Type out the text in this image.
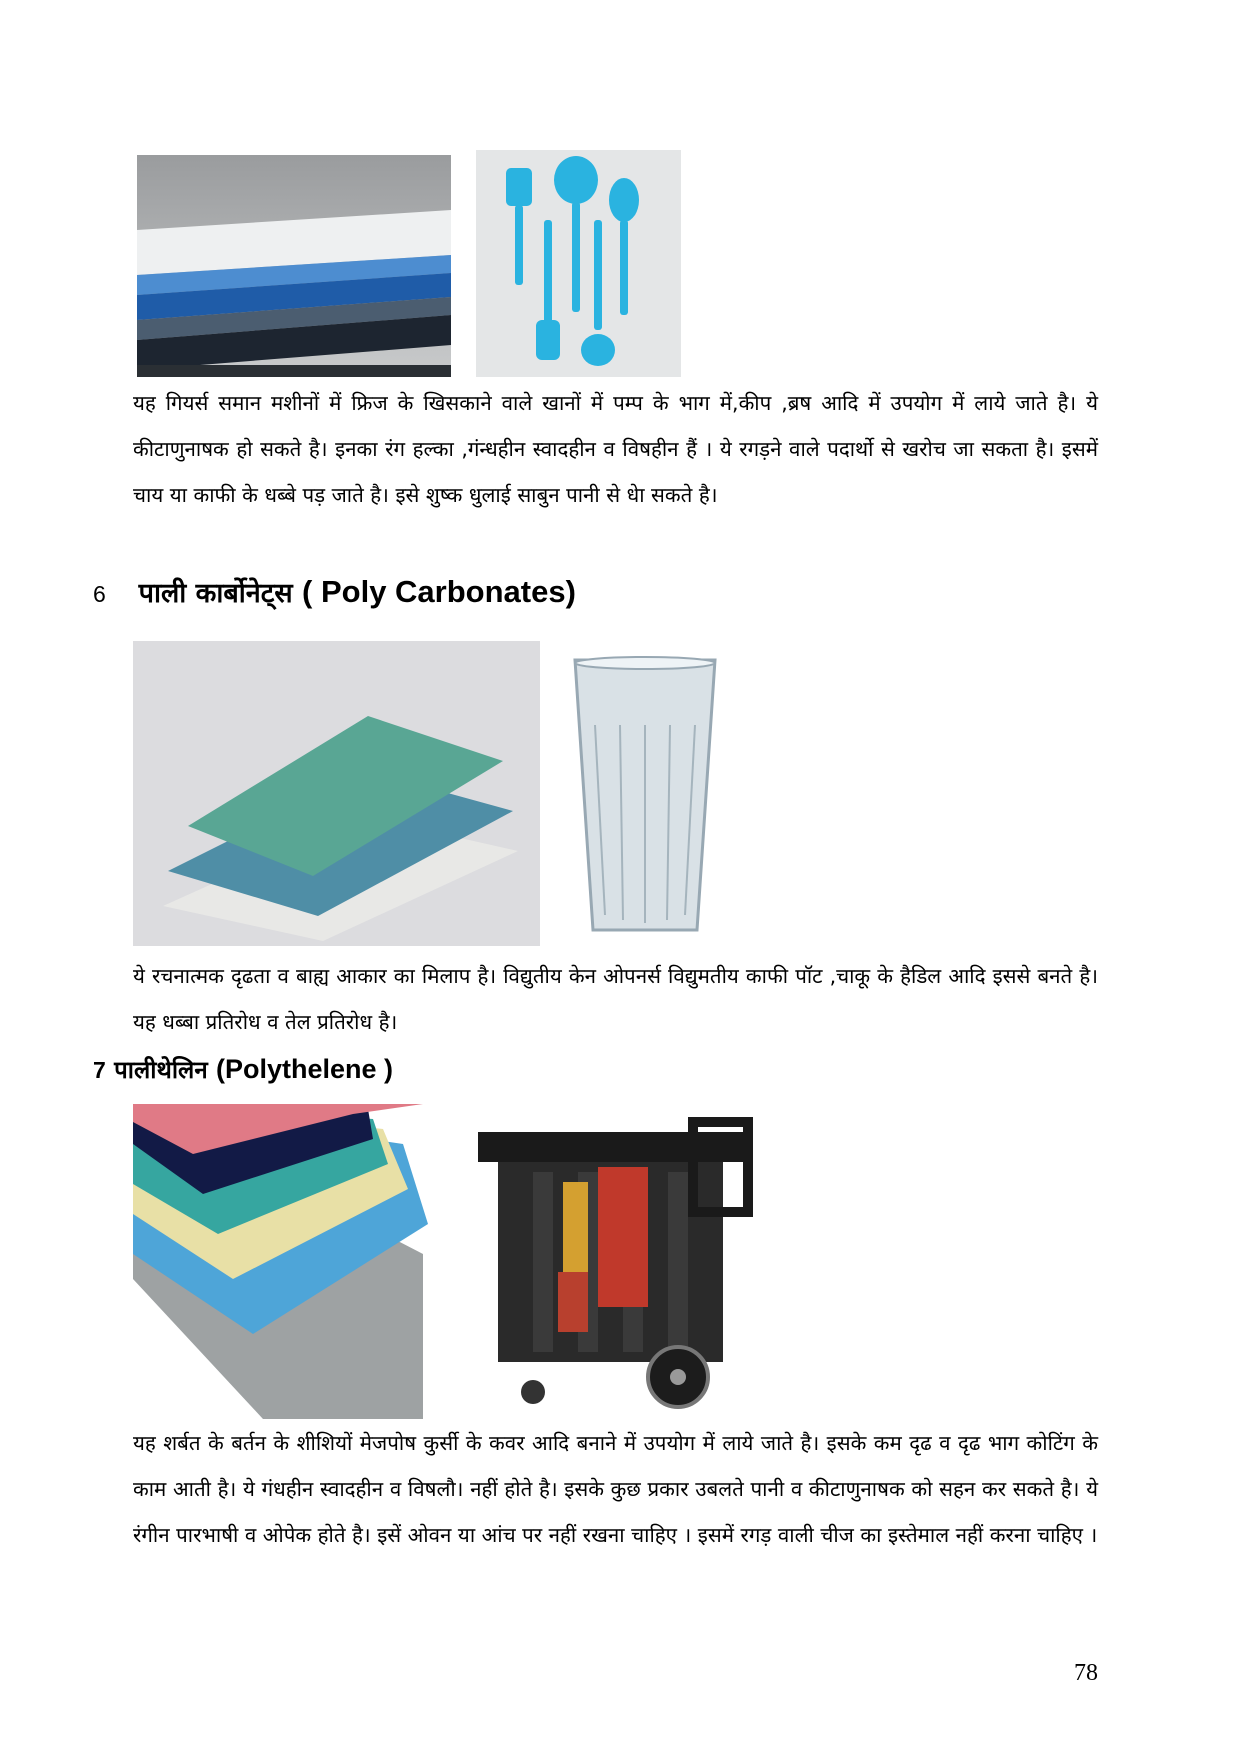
यह गियर्स समान मशीनों में फ्रिज के खिसकाने वाले खानों में पम्प के भाग में,कीप ,ब्रष आदि में उपयोग में लाये जाते है। ये कीटाणुनाषक हो सकते है। इनका रंग हल्का ,गंन्धहीन स्वादहीन व विषहीन हैं । ये रगड़ने वाले पदार्थो से खरोच जा सकता है। इसमें चाय या काफी के धब्बे पड़ जाते है। इसे शुष्क धुलाई साबुन पानी से धेा सकते है।
6 पाली कार्बोनेट्स ( Poly Carbonates)
ये रचनात्मक दृढता व बाह्य आकार का मिलाप है। विद्युतीय केन ओपनर्स विद्युमतीय काफी पॉट ,चाकू के हैडिल आदि इससे बनते है। यह धब्बा प्रतिरोध व तेल प्रतिरोध है।
7 पालीथेलिन (Polythelene )
यह शर्बत के बर्तन के शीशियों मेजपोष कुर्सी के कवर आदि बनाने में उपयोग में लाये जाते है। इसके कम दृढ व दृढ भाग कोटिंग के काम आती है। ये गंधहीन स्वादहीन व विषलौ। नहीं होते है। इसके कुछ प्रकार उबलते पानी व कीटाणुनाषक को सहन कर सकते है। ये रंगीन पारभाषी व ओपेक होते है। इसें ओवन या आंच पर नहीं रखना चाहिए । इसमें रगड़ वाली चीज का इस्तेमाल नहीं करना चाहिए ।
78
